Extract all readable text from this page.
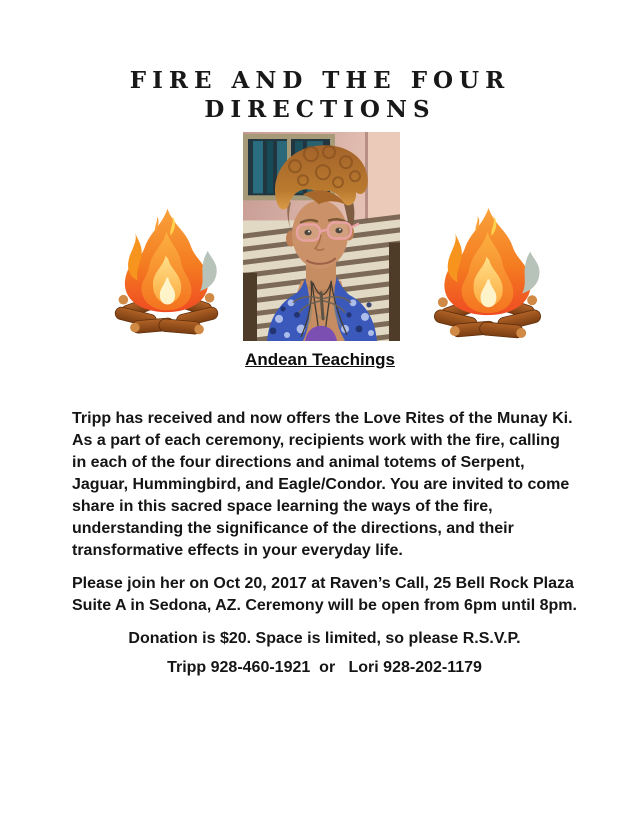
FIRE AND THE FOUR
DIRECTIONS
Andean Teachings

Tripp has received and now offers the Love Rites of the Munay Ki. As a part of each ceremony, recipients work with the fire, calling in each of the four directions and animal totems of Serpent, Jaguar, Hummingbird, and Eagle/Condor. You are invited to come share in this sacred space learning the ways of the fire, understanding the significance of the directions, and their transformative effects in your everyday life.

Please join her on Oct 20, 2017 at Raven’s Call, 25 Bell Rock Plaza Suite A in Sedona, AZ. Ceremony will be open from 6pm until 8pm.

Donation is $20. Space is limited, so please R.S.V.P.

Tripp 928-460-1921  or   Lori 928-202-1179
